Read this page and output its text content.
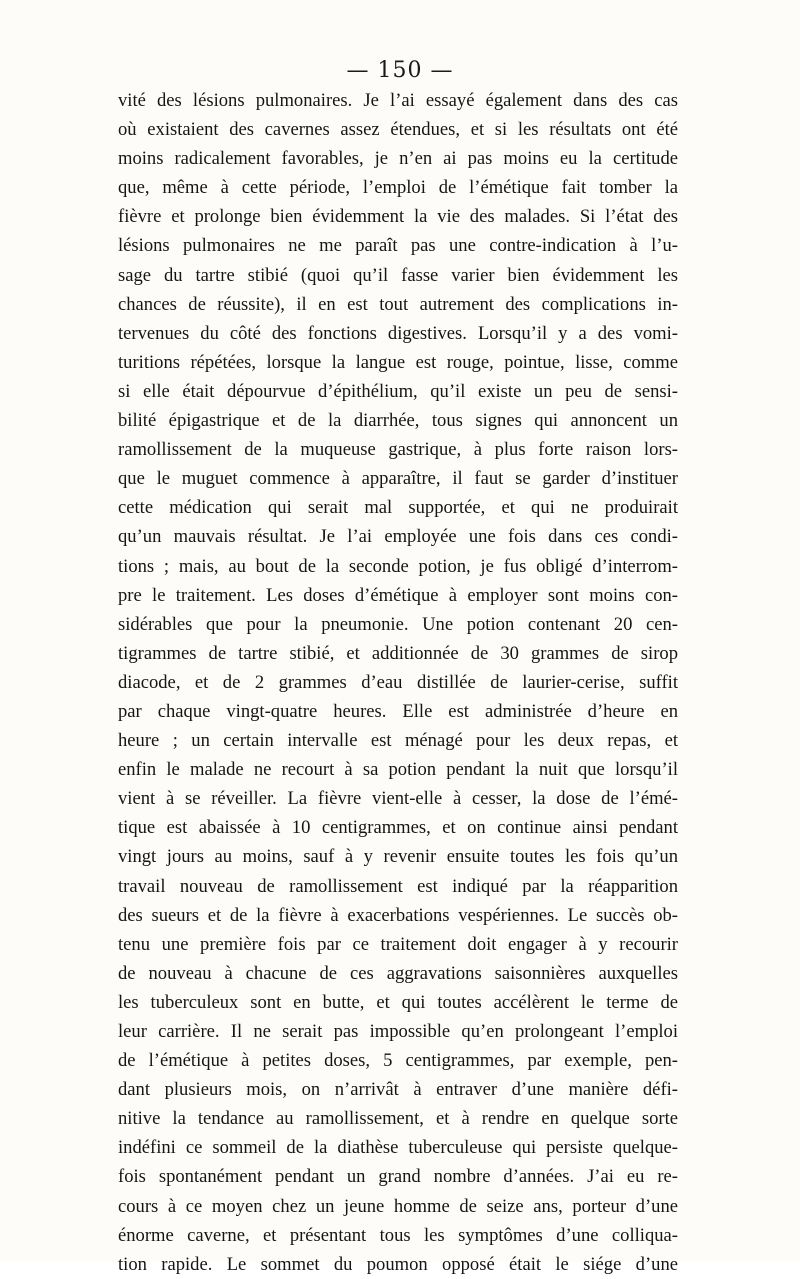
— 150 —
vité des lésions pulmonaires. Je l’ai essayé également dans des cas
où existaient des cavernes assez étendues, et si les résultats ont été
moins radicalement favorables, je n’en ai pas moins eu la certitude
que, même à cette période, l’emploi de l’émétique fait tomber la
fièvre et prolonge bien évidemment la vie des malades. Si l’état des
lésions pulmonaires ne me paraît pas une contre-indication à l’u-
sage du tartre stibié (quoi qu’il fasse varier bien évidemment les
chances de réussite), il en est tout autrement des complications in-
tervenues du côté des fonctions digestives. Lorsqu’il y a des vomi-
turitions répétées, lorsque la langue est rouge, pointue, lisse, comme
si elle était dépourvue d’épithélium, qu’il existe un peu de sensi-
bilité épigastrique et de la diarrhée, tous signes qui annoncent un
ramollissement de la muqueuse gastrique, à plus forte raison lors-
que le muguet commence à apparaître, il faut se garder d’instituer
cette médication qui serait mal supportée, et qui ne produirait
qu’un mauvais résultat. Je l’ai employée une fois dans ces condi-
tions ; mais, au bout de la seconde potion, je fus obligé d’interrom-
pre le traitement. Les doses d’émétique à employer sont moins con-
sidérables que pour la pneumonie. Une potion contenant 20 cen-
tigrammes de tartre stibié, et additionnée de 30 grammes de sirop
diacode, et de 2 grammes d’eau distillée de laurier-cerise, suffit
par chaque vingt-quatre heures. Elle est administrée d’heure en
heure ; un certain intervalle est ménagé pour les deux repas, et
enfin le malade ne recourt à sa potion pendant la nuit que lorsqu’il
vient à se réveiller. La fièvre vient-elle à cesser, la dose de l’émé-
tique est abaissée à 10 centigrammes, et on continue ainsi pendant
vingt jours au moins, sauf à y revenir ensuite toutes les fois qu’un
travail nouveau de ramollissement est indiqué par la réapparition
des sueurs et de la fièvre à exacerbations vespériennes. Le succès ob-
tenu une première fois par ce traitement doit engager à y recourir
de nouveau à chacune de ces aggravations saisonnières auxquelles
les tuberculeux sont en butte, et qui toutes accélèrent le terme de
leur carrière. Il ne serait pas impossible qu’en prolongeant l’emploi
de l’émétique à petites doses, 5 centigrammes, par exemple, pen-
dant plusieurs mois, on n’arrivât à entraver d’une manière défi-
nitive la tendance au ramollissement, et à rendre en quelque sorte
indéfini ce sommeil de la diathèse tuberculeuse qui persiste quelque-
fois spontanément pendant un grand nombre d’années. J’ai eu re-
cours à ce moyen chez un jeune homme de seize ans, porteur d’une
énorme caverne, et présentant tous les symptômes d’une colliqua-
tion rapide. Le sommet du poumon opposé était le siége d’une
